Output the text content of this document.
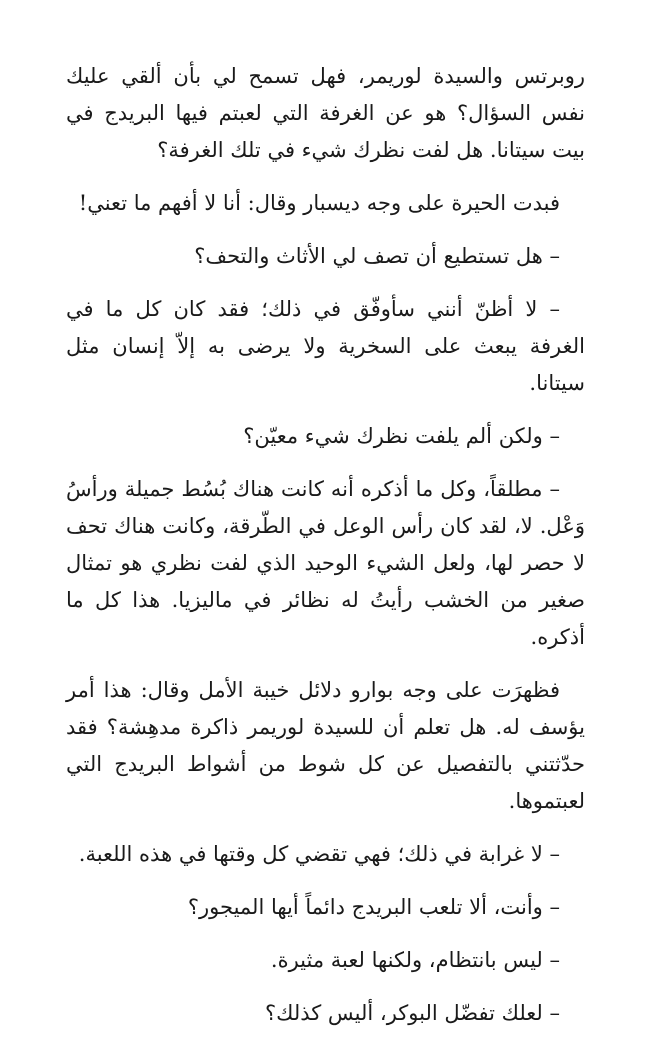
روبرتس والسيدة لوريمر، فهل تسمح لي بأن ألقي عليك نفس السؤال؟ هو عن الغرفة التي لعبتم فيها البريدج في بيت سيتانا. هل لفت نظرك شيء في تلك الغرفة؟

فبدت الحيرة على وجه ديسبار وقال: أنا لا أفهم ما تعني!

– هل تستطيع أن تصف لي الأثاث والتحف؟

– لا أظنّ أنني سأوفّق في ذلك؛ فقد كان كل ما في الغرفة يبعث على السخرية ولا يرضى به إلاّ إنسان مثل سيتانا.

– ولكن ألم يلفت نظرك شيء معيّن؟

– مطلقاً، وكل ما أذكره أنه كانت هناك بُسُط جميلة ورأسُ وَعْل. لا، لقد كان رأس الوعل في الطّرقة، وكانت هناك تحف لا حصر لها، ولعل الشيء الوحيد الذي لفت نظري هو تمثال صغير من الخشب رأيتُ له نظائر في ماليزيا. هذا كل ما أذكره.

فظهرَت على وجه بوارو دلائل خيبة الأمل وقال: هذا أمر يؤسف له. هل تعلم أن للسيدة لوريمر ذاكرة مدهِشة؟ فقد حدّثتني بالتفصيل عن كل شوط من أشواط البريدج التي لعبتموها.

– لا غرابة في ذلك؛ فهي تقضي كل وقتها في هذه اللعبة.

– وأنت، ألا تلعب البريدج دائماً أيها الميجور؟

– ليس بانتظام، ولكنها لعبة مثيرة.

– لعلك تفضّل البوكر، أليس كذلك؟
